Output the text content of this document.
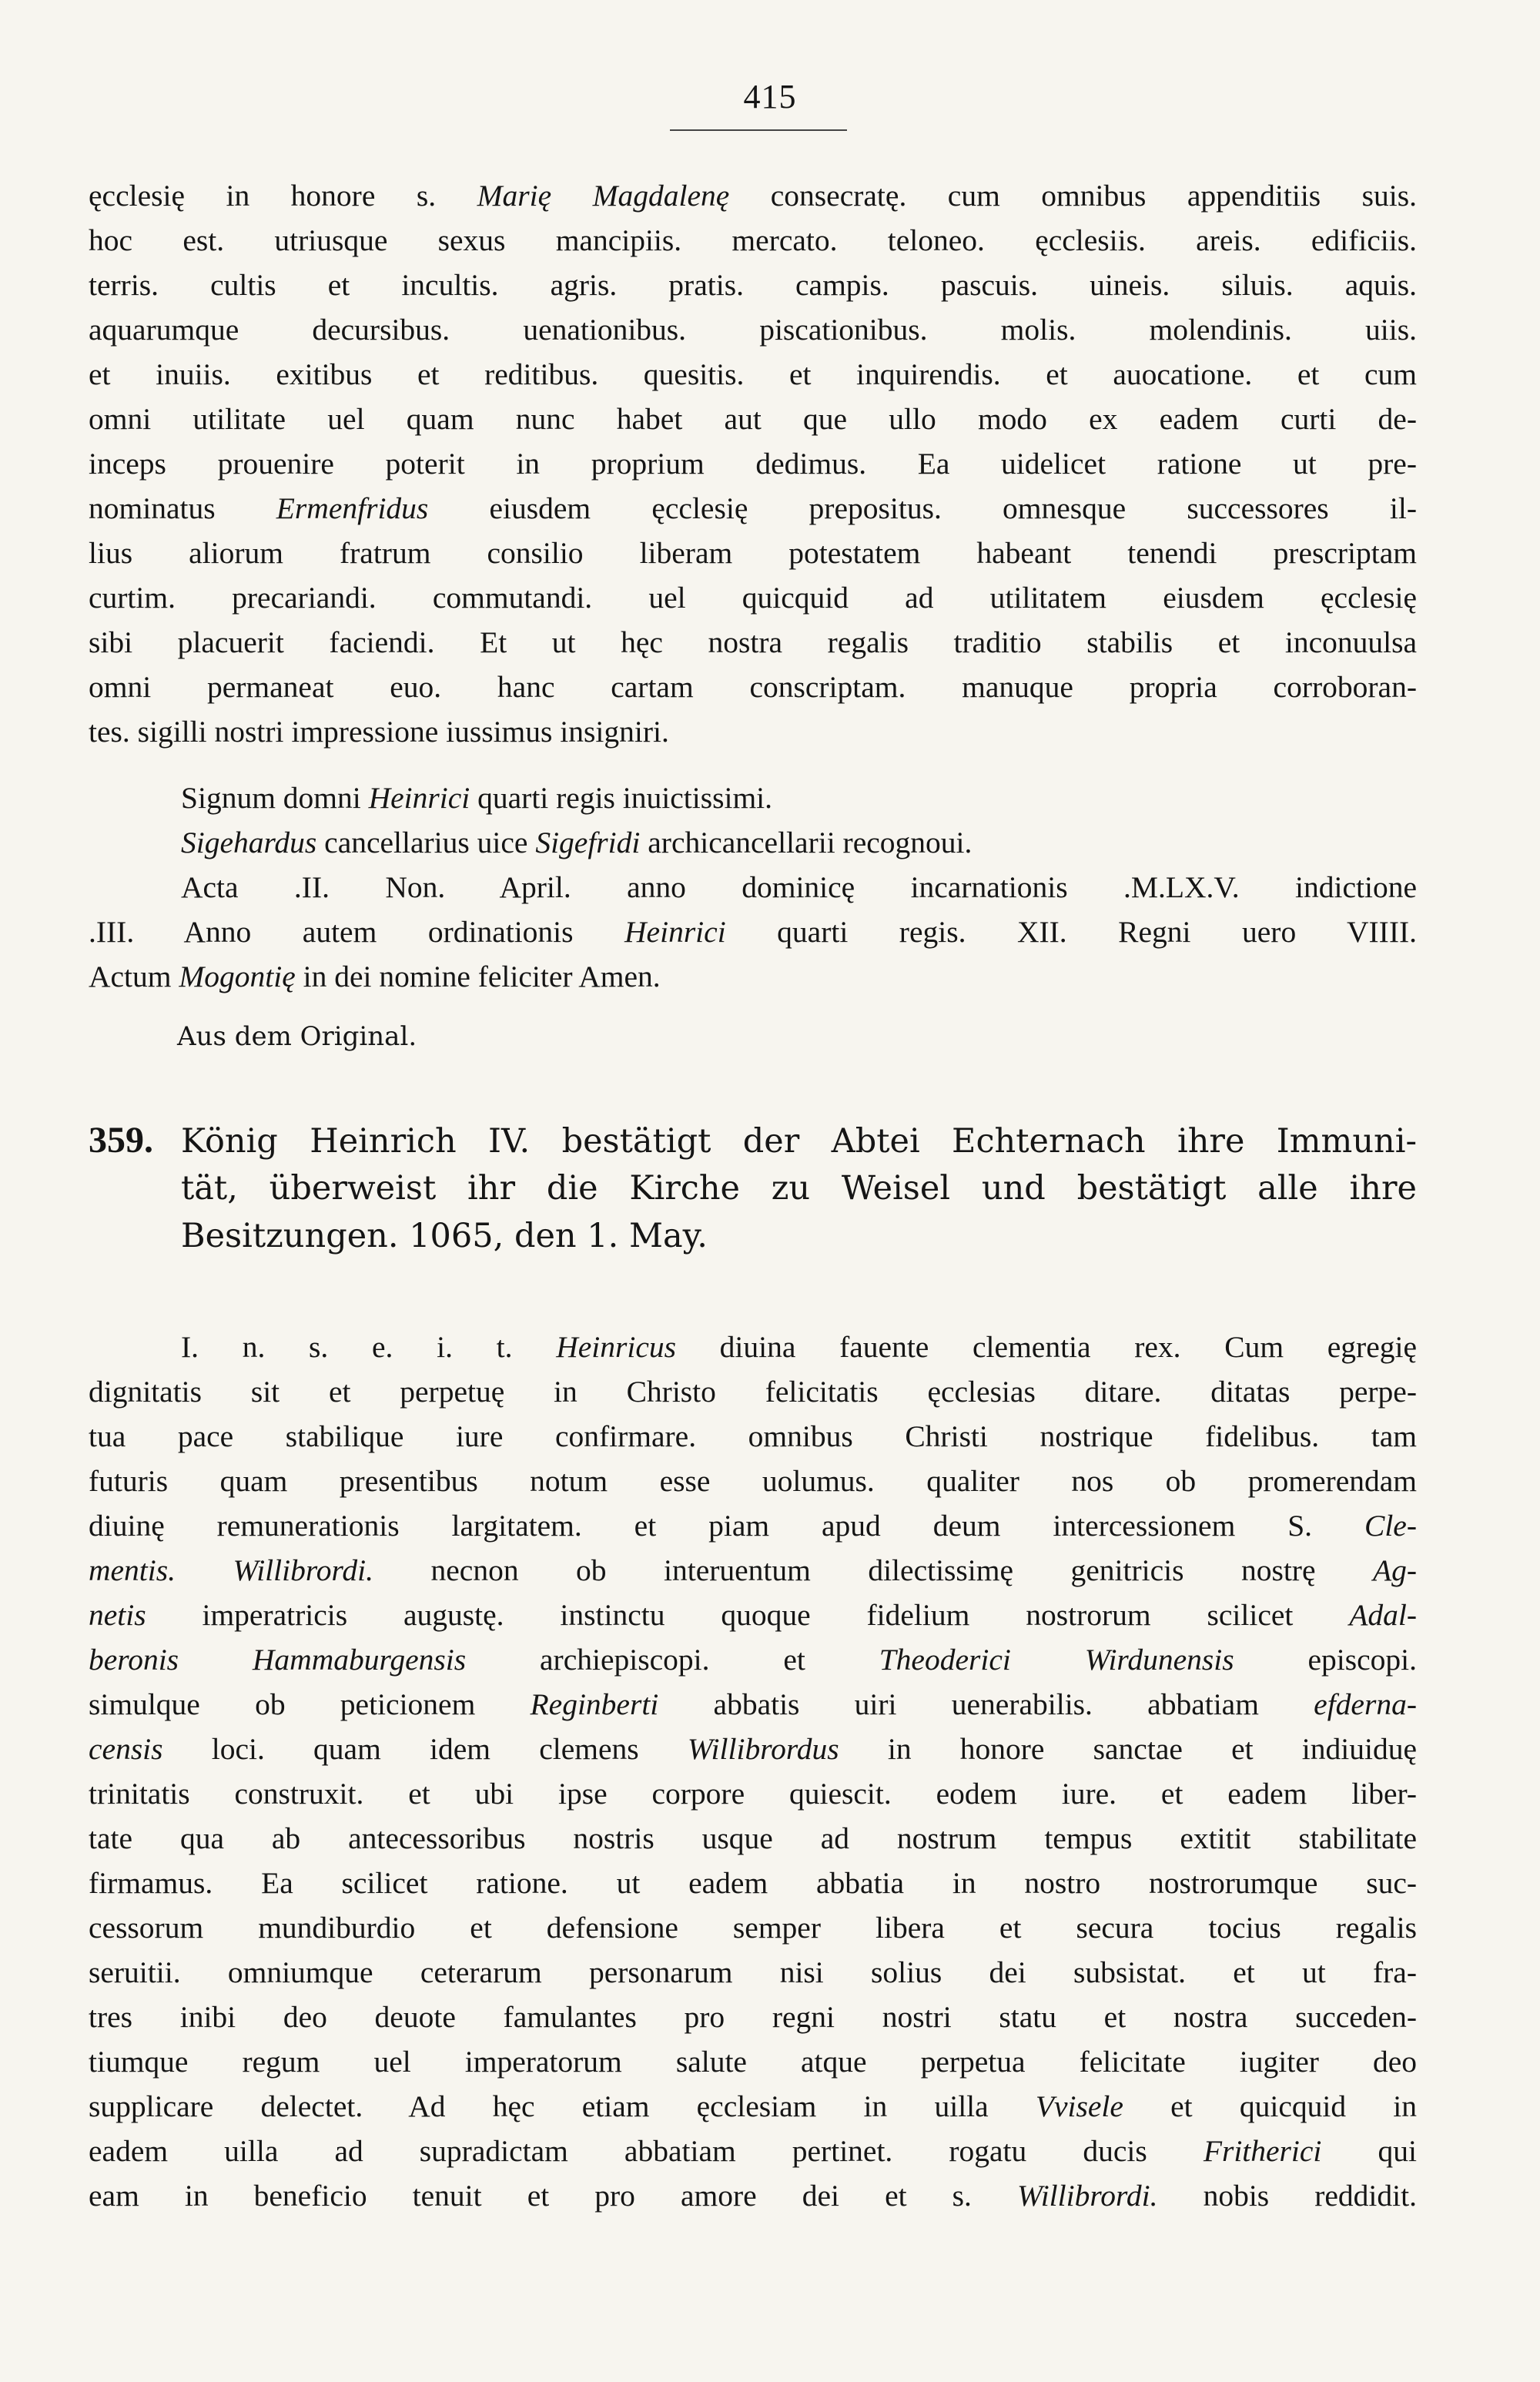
415
ęcclesię in honore s. Marię Magdalenę consecratę. cum omnibus appenditiis suis.
hoc est. utriusque sexus mancipiis. mercato. teloneo. ęcclesiis. areis. edificiis.
terris. cultis et incultis. agris. pratis. campis. pascuis. uineis. siluis. aquis.
aquarumque decursibus. uenationibus. piscationibus. molis. molendinis. uiis.
et inuiis. exitibus et reditibus. quesitis. et inquirendis. et auocatione. et cum
omni utilitate uel quam nunc habet aut que ullo modo ex eadem curti de-
inceps prouenire poterit in proprium dedimus. Ea uidelicet ratione ut pre-
nominatus Ermenfridus eiusdem ęcclesię prepositus. omnesque successores il-
lius aliorum fratrum consilio liberam potestatem habeant tenendi prescriptam
curtim. precariandi. commutandi. uel quicquid ad utilitatem eiusdem ęcclesię
sibi placuerit faciendi. Et ut hęc nostra regalis traditio stabilis et inconuulsa
omni permaneat euo. hanc cartam conscriptam. manuque propria corroboran-
tes. sigilli nostri impressione iussimus insigniri.
Signum domni Heinrici quarti regis inuictissimi.
Sigehardus cancellarius uice Sigefridi archicancellarii recognoui.
Acta .II. Non. April. anno dominicę incarnationis .M.LX.V. indictione
.III. Anno autem ordinationis Heinrici quarti regis. XII. Regni uero VIIII.
Actum Mogontię in dei nomine feliciter Amen.
Aus dem Original.
359. König Heinrich IV. bestätigt der Abtei Echternach ihre Immuni-
tät, überweist ihr die Kirche zu Weisel und bestätigt alle ihre
Besitzungen. 1065, den 1. May.
I. n. s. e. i. t. Heinricus diuina fauente clementia rex. Cum egregię
dignitatis sit et perpetuę in Christo felicitatis ęcclesias ditare. ditatas perpe-
tua pace stabilique iure confirmare. omnibus Christi nostrique fidelibus. tam
futuris quam presentibus notum esse uolumus. qualiter nos ob promerendam
diuinę remunerationis largitatem. et piam apud deum intercessionem S. Cle-
mentis. Willibrordi. necnon ob interuentum dilectissimę genitricis nostrę Ag-
netis imperatricis augustę. instinctu quoque fidelium nostrorum scilicet Adal-
beronis Hammaburgensis archiepiscopi. et Theoderici Wirdunensis episcopi.
simulque ob peticionem Reginberti abbatis uiri uenerabilis. abbatiam efderna-
censis loci. quam idem clemens Willibrordus in honore sanctae et indiuiduę
trinitatis construxit. et ubi ipse corpore quiescit. eodem iure. et eadem liber-
tate qua ab antecessoribus nostris usque ad nostrum tempus extitit stabilitate
firmamus. Ea scilicet ratione. ut eadem abbatia in nostro nostrorumque suc-
cessorum mundiburdio et defensione semper libera et secura tocius regalis
seruitii. omniumque ceterarum personarum nisi solius dei subsistat. et ut fra-
tres inibi deo deuote famulantes pro regni nostri statu et nostra succeden-
tiumque regum uel imperatorum salute atque perpetua felicitate iugiter deo
supplicare delectet. Ad hęc etiam ęcclesiam in uilla Vvisele et quicquid in
eadem uilla ad supradictam abbatiam pertinet. rogatu ducis Fritherici qui
eam in beneficio tenuit et pro amore dei et s. Willibrordi. nobis reddidit.
